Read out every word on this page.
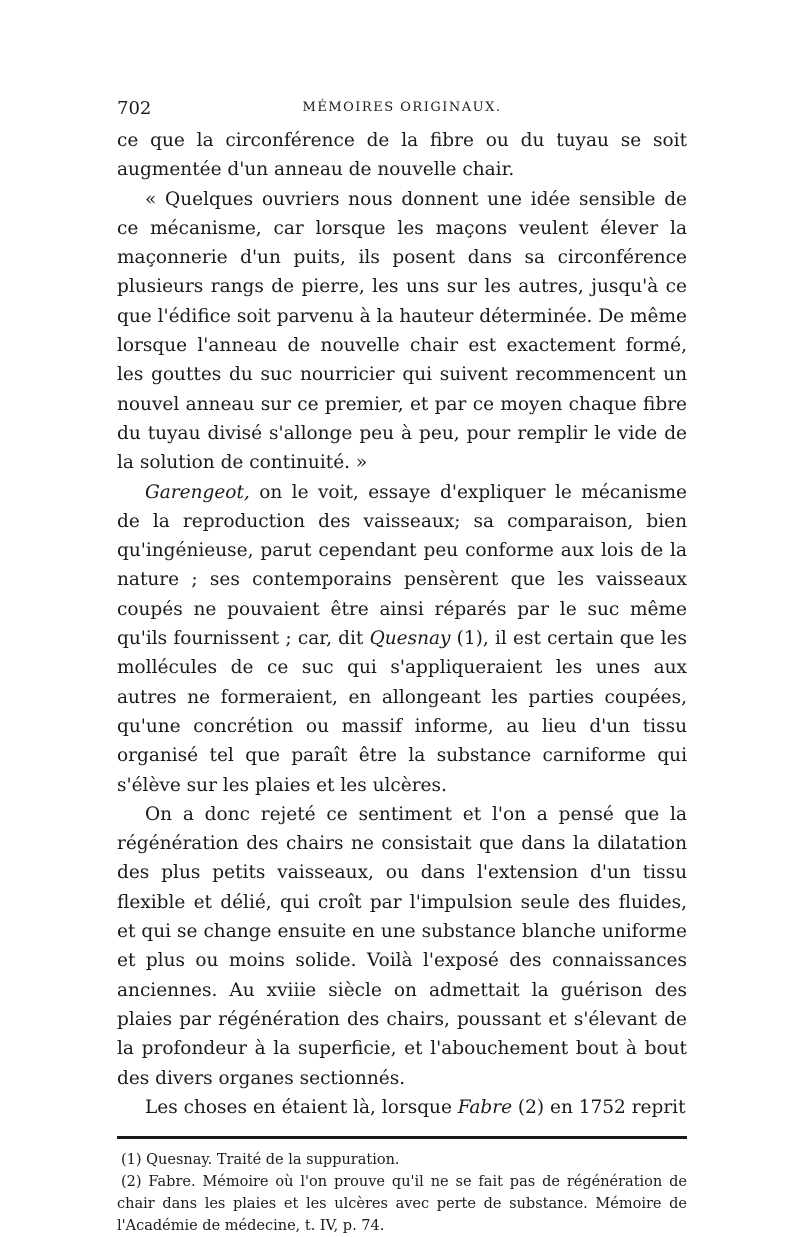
702	MÉMOIRES ORIGINAUX.

ce que la circonférence de la fibre ou du tuyau se soit augmentée d'un anneau de nouvelle chair.

« Quelques ouvriers nous donnent une idée sensible de ce mécanisme, car lorsque les maçons veulent élever la maçonnerie d'un puits, ils posent dans sa circonférence plusieurs rangs de pierre, les uns sur les autres, jusqu'à ce que l'édifice soit parvenu à la hauteur déterminée. De même lorsque l'anneau de nouvelle chair est exactement formé, les gouttes du suc nourricier qui suivent recommencent un nouvel anneau sur ce premier, et par ce moyen chaque fibre du tuyau divisé s'allonge peu à peu, pour remplir le vide de la solution de continuité. »

Garengeot, on le voit, essaye d'expliquer le mécanisme de la reproduction des vaisseaux; sa comparaison, bien qu'ingénieuse, parut cependant peu conforme aux lois de la nature ; ses contemporains pensèrent que les vaisseaux coupés ne pouvaient être ainsi réparés par le suc même qu'ils fournissent ; car, dit Quesnay (1), il est certain que les mollécules de ce suc qui s'appliqueraient les unes aux autres ne formeraient, en allongeant les parties coupées, qu'une concrétion ou massif informe, au lieu d'un tissu organisé tel que paraît être la substance carniforme qui s'élève sur les plaies et les ulcères.

On a donc rejeté ce sentiment et l'on a pensé que la régénération des chairs ne consistait que dans la dilatation des plus petits vaisseaux, ou dans l'extension d'un tissu flexible et délié, qui croît par l'impulsion seule des fluides, et qui se change ensuite en une substance blanche uniforme et plus ou moins solide. Voilà l'exposé des connaissances anciennes. Au xviiie siècle on admettait la guérison des plaies par régénération des chairs, poussant et s'élevant de la profondeur à la superficie, et l'abouchement bout à bout des divers organes sectionnés.

Les choses en étaient là, lorsque Fabre (2) en 1752 reprit

(1) Quesnay. Traité de la suppuration.

(2) Fabre. Mémoire où l'on prouve qu'il ne se fait pas de régénération de chair dans les plaies et les ulcères avec perte de substance. Mémoire de l'Académie de médecine, t. IV, p. 74.
